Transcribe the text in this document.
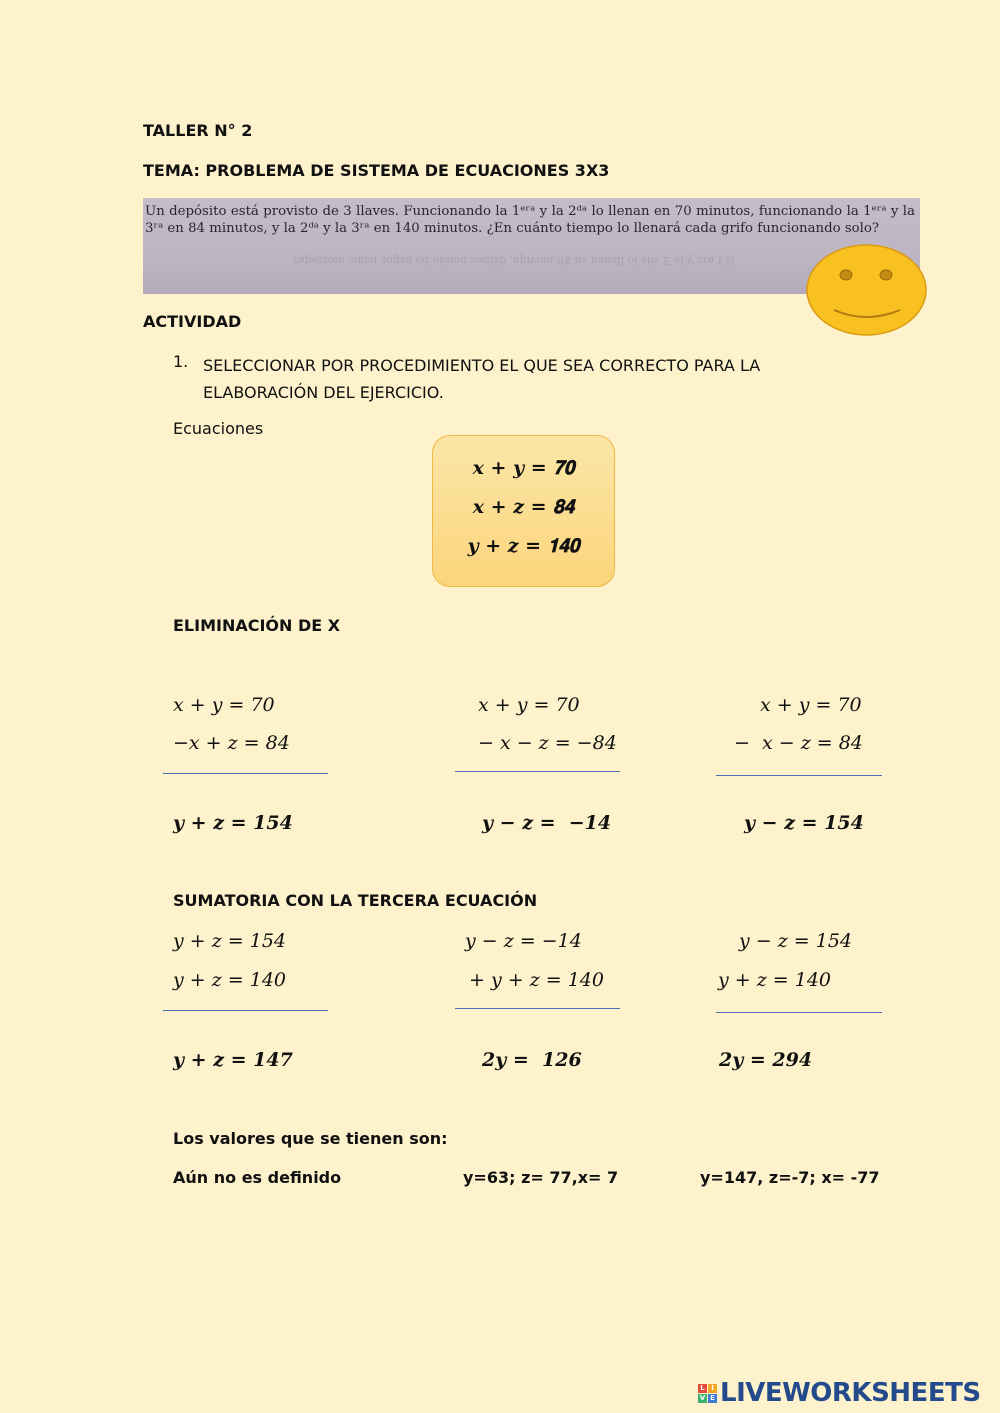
TALLER N° 2
TEMA: PROBLEMA DE SISTEMA DE ECUACIONES 3X3
Un depósito está provisto de 3 llaves. Funcionando la 1ᵉʳᵃ y la 2ᵈᵃ lo llenan en 70 minutos, funcionando la 1ᵉʳᵃ y la 3ʳᵃ en 84 minutos, y la 2ᵈᵃ y la 3ʳᵃ en 140 minutos. ¿En cuánto tiempo lo llenará cada grifo funcionando solo?
rapeizom sinisi sogsa ed ebnon sodisb ,apivom 0$ ns nansll ol sbs E sl y sra f sl
ACTIVIDAD
1. SELECCIONAR POR PROCEDIMIENTO EL QUE SEA CORRECTO PARA LA ELABORACIÓN DEL EJERCICIO.
Ecuaciones
𝒙 + 𝒚 = 𝟕𝟎
𝒙 + 𝒛 = 𝟖𝟒
𝒚 + 𝒛 = 𝟏𝟒𝟎
ELIMINACIÓN DE X
x + y = 70
−x + z = 84
y + z = 154
x + y = 70
− x − z = −84
y − z =  −14
x + y = 70
−  x − z = 84
y − z = 154
SUMATORIA CON LA TERCERA ECUACIÓN
y + z = 154
y + z = 140
y + z = 147
y − z = −14
+ y + z = 140
2y =  126
y − z = 154
y + z = 140
2y = 294
Los valores que se tienen son:
Aún no es definido	y=63; z= 77,x= 7	y=147, z=-7; x= -77
L I
V E LIVEWORKSHEETS
